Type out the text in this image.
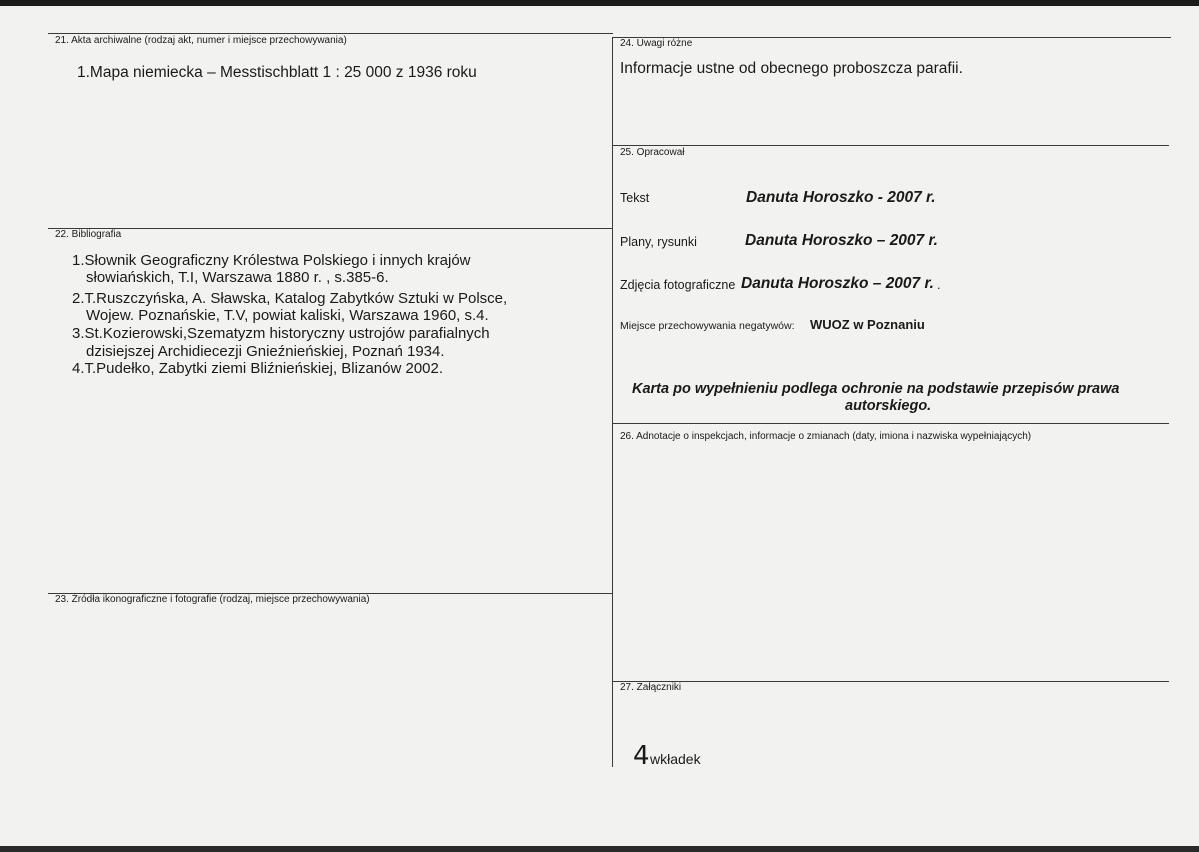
21. Akta archiwalne (rodzaj akt, numer i miejsce przechowywania)
1.Mapa niemiecka – Messtischblatt 1 : 25 000 z 1936 roku
22. Bibliografia
1.Słownik Geograficzny Królestwa Polskiego i innych krajów
słowiańskich, T.I, Warszawa 1880 r. , s.385-6.
2.T.Ruszczyńska, A. Sławska, Katalog Zabytków Sztuki w Polsce,
Wojew. Poznańskie, T.V, powiat kaliski, Warszawa 1960, s.4.
3.St.Kozierowski,Szematyzm historyczny ustrojów parafialnych
dzisiejszej Archidiecezji Gnieźnieńskiej, Poznań 1934.
4.T.Pudełko, Zabytki ziemi Bliźnieńskiej, Blizanów 2002.
23. Źródła ikonograficzne i fotografie (rodzaj, miejsce przechowywania)
24. Uwagi różne
Informacje ustne od obecnego proboszcza parafii.
25. Opracował
Tekst	Danuta Horoszko - 2007 r.
Plany, rysunki	Danuta Horoszko – 2007 r.
Zdjęcia fotograficzne Danuta Horoszko – 2007 r. .
Miejsce przechowywania negatywów: WUOZ w Poznaniu
Karta po wypełnieniu podlega ochronie na podstawie przepisów prawa
autorskiego.
26. Adnotacje o inspekcjach, informacje o zmianach (daty, imiona i nazwiska wypełniających)
27. Załączniki
4 wkładek
